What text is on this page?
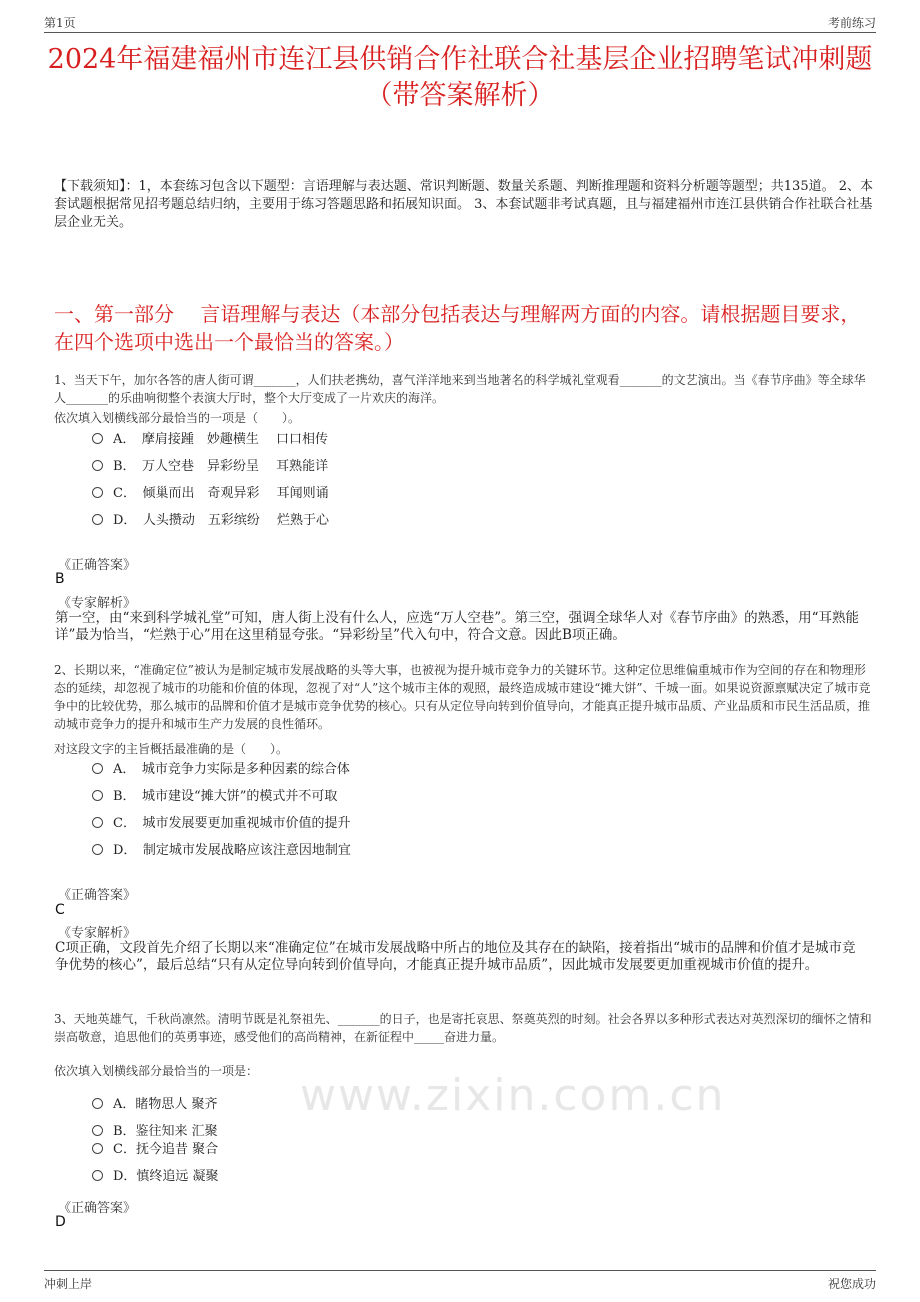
第1页	考前练习
2024年福建福州市连江县供销合作社联合社基层企业招聘笔试冲刺题（带答案解析）
【下载须知】：1，本套练习包含以下题型：言语理解与表达题、常识判断题、数量关系题、判断推理题和资料分析题等题型；共135道。 2、本套试题根据常见招考题总结归纳，主要用于练习答题思路和拓展知识面。 3、本套试题非考试真题，且与福建福州市连江县供销合作社联合社基层企业无关。
一、第一部分　 言语理解与表达（本部分包括表达与理解两方面的内容。请根据题目要求，在四个选项中选出一个最恰当的答案。）
1、当天下午，加尔各答的唐人街可谓_______，人们扶老携幼，喜气洋洋地来到当地著名的科学城礼堂观看_______的文艺演出。当《春节序曲》等全球华人_______的乐曲响彻整个表演大厅时，整个大厅变成了一片欢庆的海洋。
依次填入划横线部分最恰当的一项是（　　）。
A．　摩肩接踵　妙趣横生　 口口相传
B．　万人空巷　异彩纷呈　 耳熟能详
C．　倾巢而出　奇观异彩　 耳闻则诵
D．　人头攒动　五彩缤纷　 烂熟于心
《正确答案》
B
《专家解析》
第一空，由“来到科学城礼堂”可知，唐人街上没有什么人，应选“万人空巷”。第三空，强调全球华人对《春节序曲》的熟悉，用“耳熟能详”最为恰当，“烂熟于心”用在这里稍显夸张。“异彩纷呈”代入句中，符合文意。因此B项正确。
2、长期以来，“准确定位”被认为是制定城市发展战略的头等大事，也被视为提升城市竞争力的关键环节。这种定位思维偏重城市作为空间的存在和物理形态的延续，却忽视了城市的功能和价值的体现，忽视了对“人”这个城市主体的观照，最终造成城市建设“摊大饼”、千城一面。如果说资源禀赋决定了城市竞争中的比较优势，那么城市的品牌和价值才是城市竞争优势的核心。只有从定位导向转到价值导向，才能真正提升城市品质、产业品质和市民生活品质，推动城市竞争力的提升和城市生产力发展的良性循环。
对这段文字的主旨概括最准确的是（　　）。
A．　城市竞争力实际是多种因素的综合体
B．　城市建设“摊大饼”的模式并不可取
C．　城市发展要更加重视城市价值的提升
D．　制定城市发展战略应该注意因地制宜
《正确答案》
C
《专家解析》
C项正确，文段首先介绍了长期以来“准确定位”在城市发展战略中所占的地位及其存在的缺陷，接着指出“城市的品牌和价值才是城市竞争优势的核心”，最后总结“只有从定位导向转到价值导向，才能真正提升城市品质”，因此城市发展要更加重视城市价值的提升。
3、天地英雄气，千秋尚凛然。清明节既是礼祭祖先、_______的日子，也是寄托哀思、祭奠英烈的时刻。社会各界以多种形式表达对英烈深切的缅怀之情和崇高敬意，追思他们的英勇事迹，感受他们的高尚精神，在新征程中_____奋进力量。
依次填入划横线部分最恰当的一项是： www.zixin.com.cn
A．睹物思人 聚齐
B．鉴往知来 汇聚
C．抚今追昔 聚合
D．慎终追远 凝聚
《正确答案》
D
冲刺上岸	祝您成功
